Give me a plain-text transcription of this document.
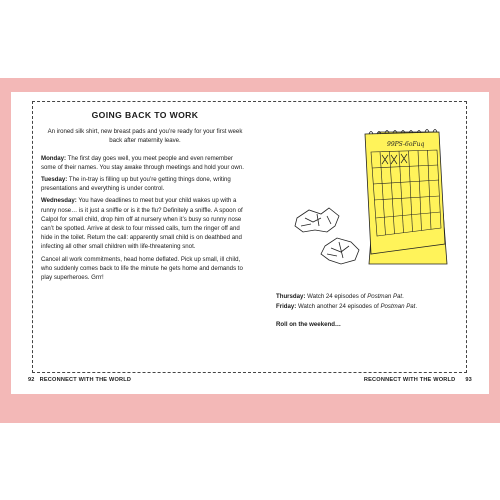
GOING BACK TO WORK
An ironed silk shirt, new breast pads and you’re ready for your first week back after maternity leave.

Monday: The first day goes well, you meet people and even remember some of their names. You stay awake through meetings and hold your own.

Tuesday: The in-tray is filling up but you’re getting things done, writing presentations and everything is under control.

Wednesday: You have deadlines to meet but your child wakes up with a runny nose… is it just a sniffle or is it the flu? Definitely a sniffle. A spoon of Calpol for small child, drop him off at nursery when it’s busy so runny nose can’t be spotted. Arrive at desk to four missed calls, turn the ringer off and hide in the toilet. Return the call: apparently small child is on deathbed and infecting all other small children with life-threatening snot.

Cancel all work commitments, head home deflated. Pick up small, ill child, who suddenly comes back to life the minute he gets home and demands to play superheroes. Grrr!

99PS-6oFuq
Thursday: Watch 24 episodes of Postman Pat.
Friday: Watch another 24 episodes of Postman Pat.
Roll on the weekend…
92 RECONNECT WITH THE WORLD	RECONNECT WITH THE WORLD 93
